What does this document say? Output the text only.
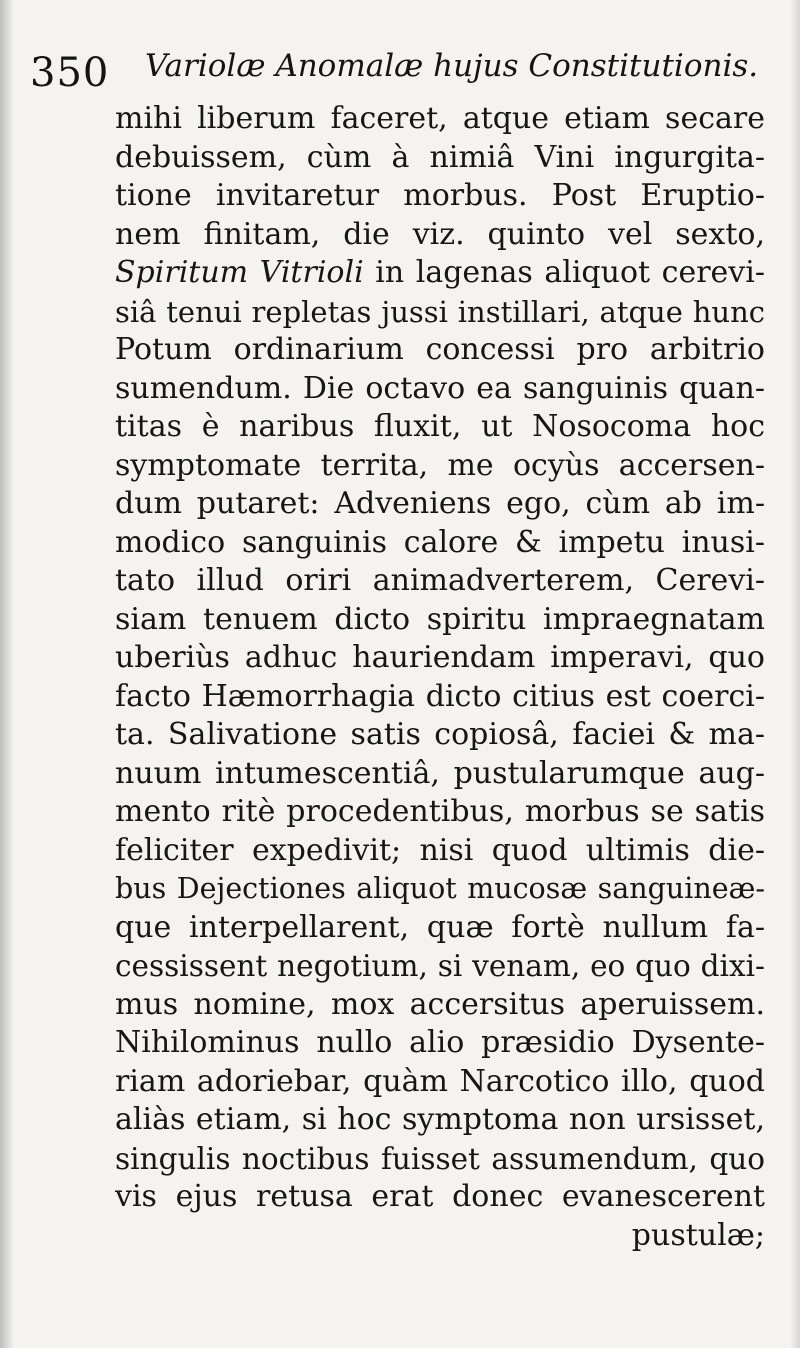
350 Variolæ Anomalæ hujus Constitutionis.
mihi liberum faceret, atque etiam secare
debuissem, cùm à nimiâ Vini ingurgita-
tione invitaretur morbus. Post Eruptio-
nem finitam, die viz. quinto vel sexto,
Spiritum Vitrioli in lagenas aliquot cerevi-
siâ tenui repletas jussi instillari, atque hunc
Potum ordinarium concessi pro arbitrio
sumendum. Die octavo ea sanguinis quan-
titas è naribus fluxit, ut Nosocoma hoc
symptomate territa, me ocyùs accersen-
dum putaret: Adveniens ego, cùm ab im-
modico sanguinis calore & impetu inusi-
tato illud oriri animadverterem, Cerevi-
siam tenuem dicto spiritu impraegnatam
uberiùs adhuc hauriendam imperavi, quo
facto Hæmorrhagia dicto citius est coerci-
ta. Salivatione satis copiosâ, faciei & ma-
nuum intumescentiâ, pustularumque aug-
mento ritè procedentibus, morbus se satis
feliciter expedivit; nisi quod ultimis die-
bus Dejectiones aliquot mucosæ sanguineæ-
que interpellarent, quæ fortè nullum fa-
cessissent negotium, si venam, eo quo dixi-
mus nomine, mox accersitus aperuissem.
Nihilominus nullo alio præsidio Dysente-
riam adoriebar, quàm Narcotico illo, quod
aliàs etiam, si hoc symptoma non ursisset,
singulis noctibus fuisset assumendum, quo
vis ejus retusa erat donec evanescerent
pustulæ;
